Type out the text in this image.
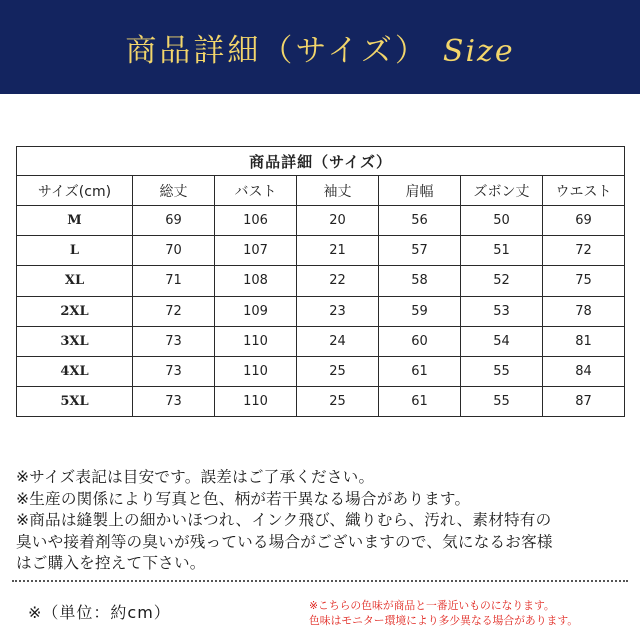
商品詳細（サイズ） Size
商品詳細（サイズ）						
サイズ(cm)	総丈	バスト	袖丈	肩幅	ズボン丈	ウエスト
M	69	106	20	56	50	69
L	70	107	21	57	51	72
XL	71	108	22	58	52	75
2XL	72	109	23	59	53	78
3XL	73	110	24	60	54	81
4XL	73	110	25	61	55	84
5XL	73	110	25	61	55	87

※サイズ表記は目安です。誤差はご了承ください。

※生産の関係により写真と色、柄が若干異なる場合があります。

※商品は縫製上の細かいほつれ、インク飛び、織りむら、汚れ、素材特有の

臭いや接着剤等の臭いが残っている場合がございますので、気になるお客様

はご購入を控えて下さい。

※（単位：約cm）	※こちらの色味が商品と一番近いものになります。
色味はモニター環境により多少異なる場合があります。
